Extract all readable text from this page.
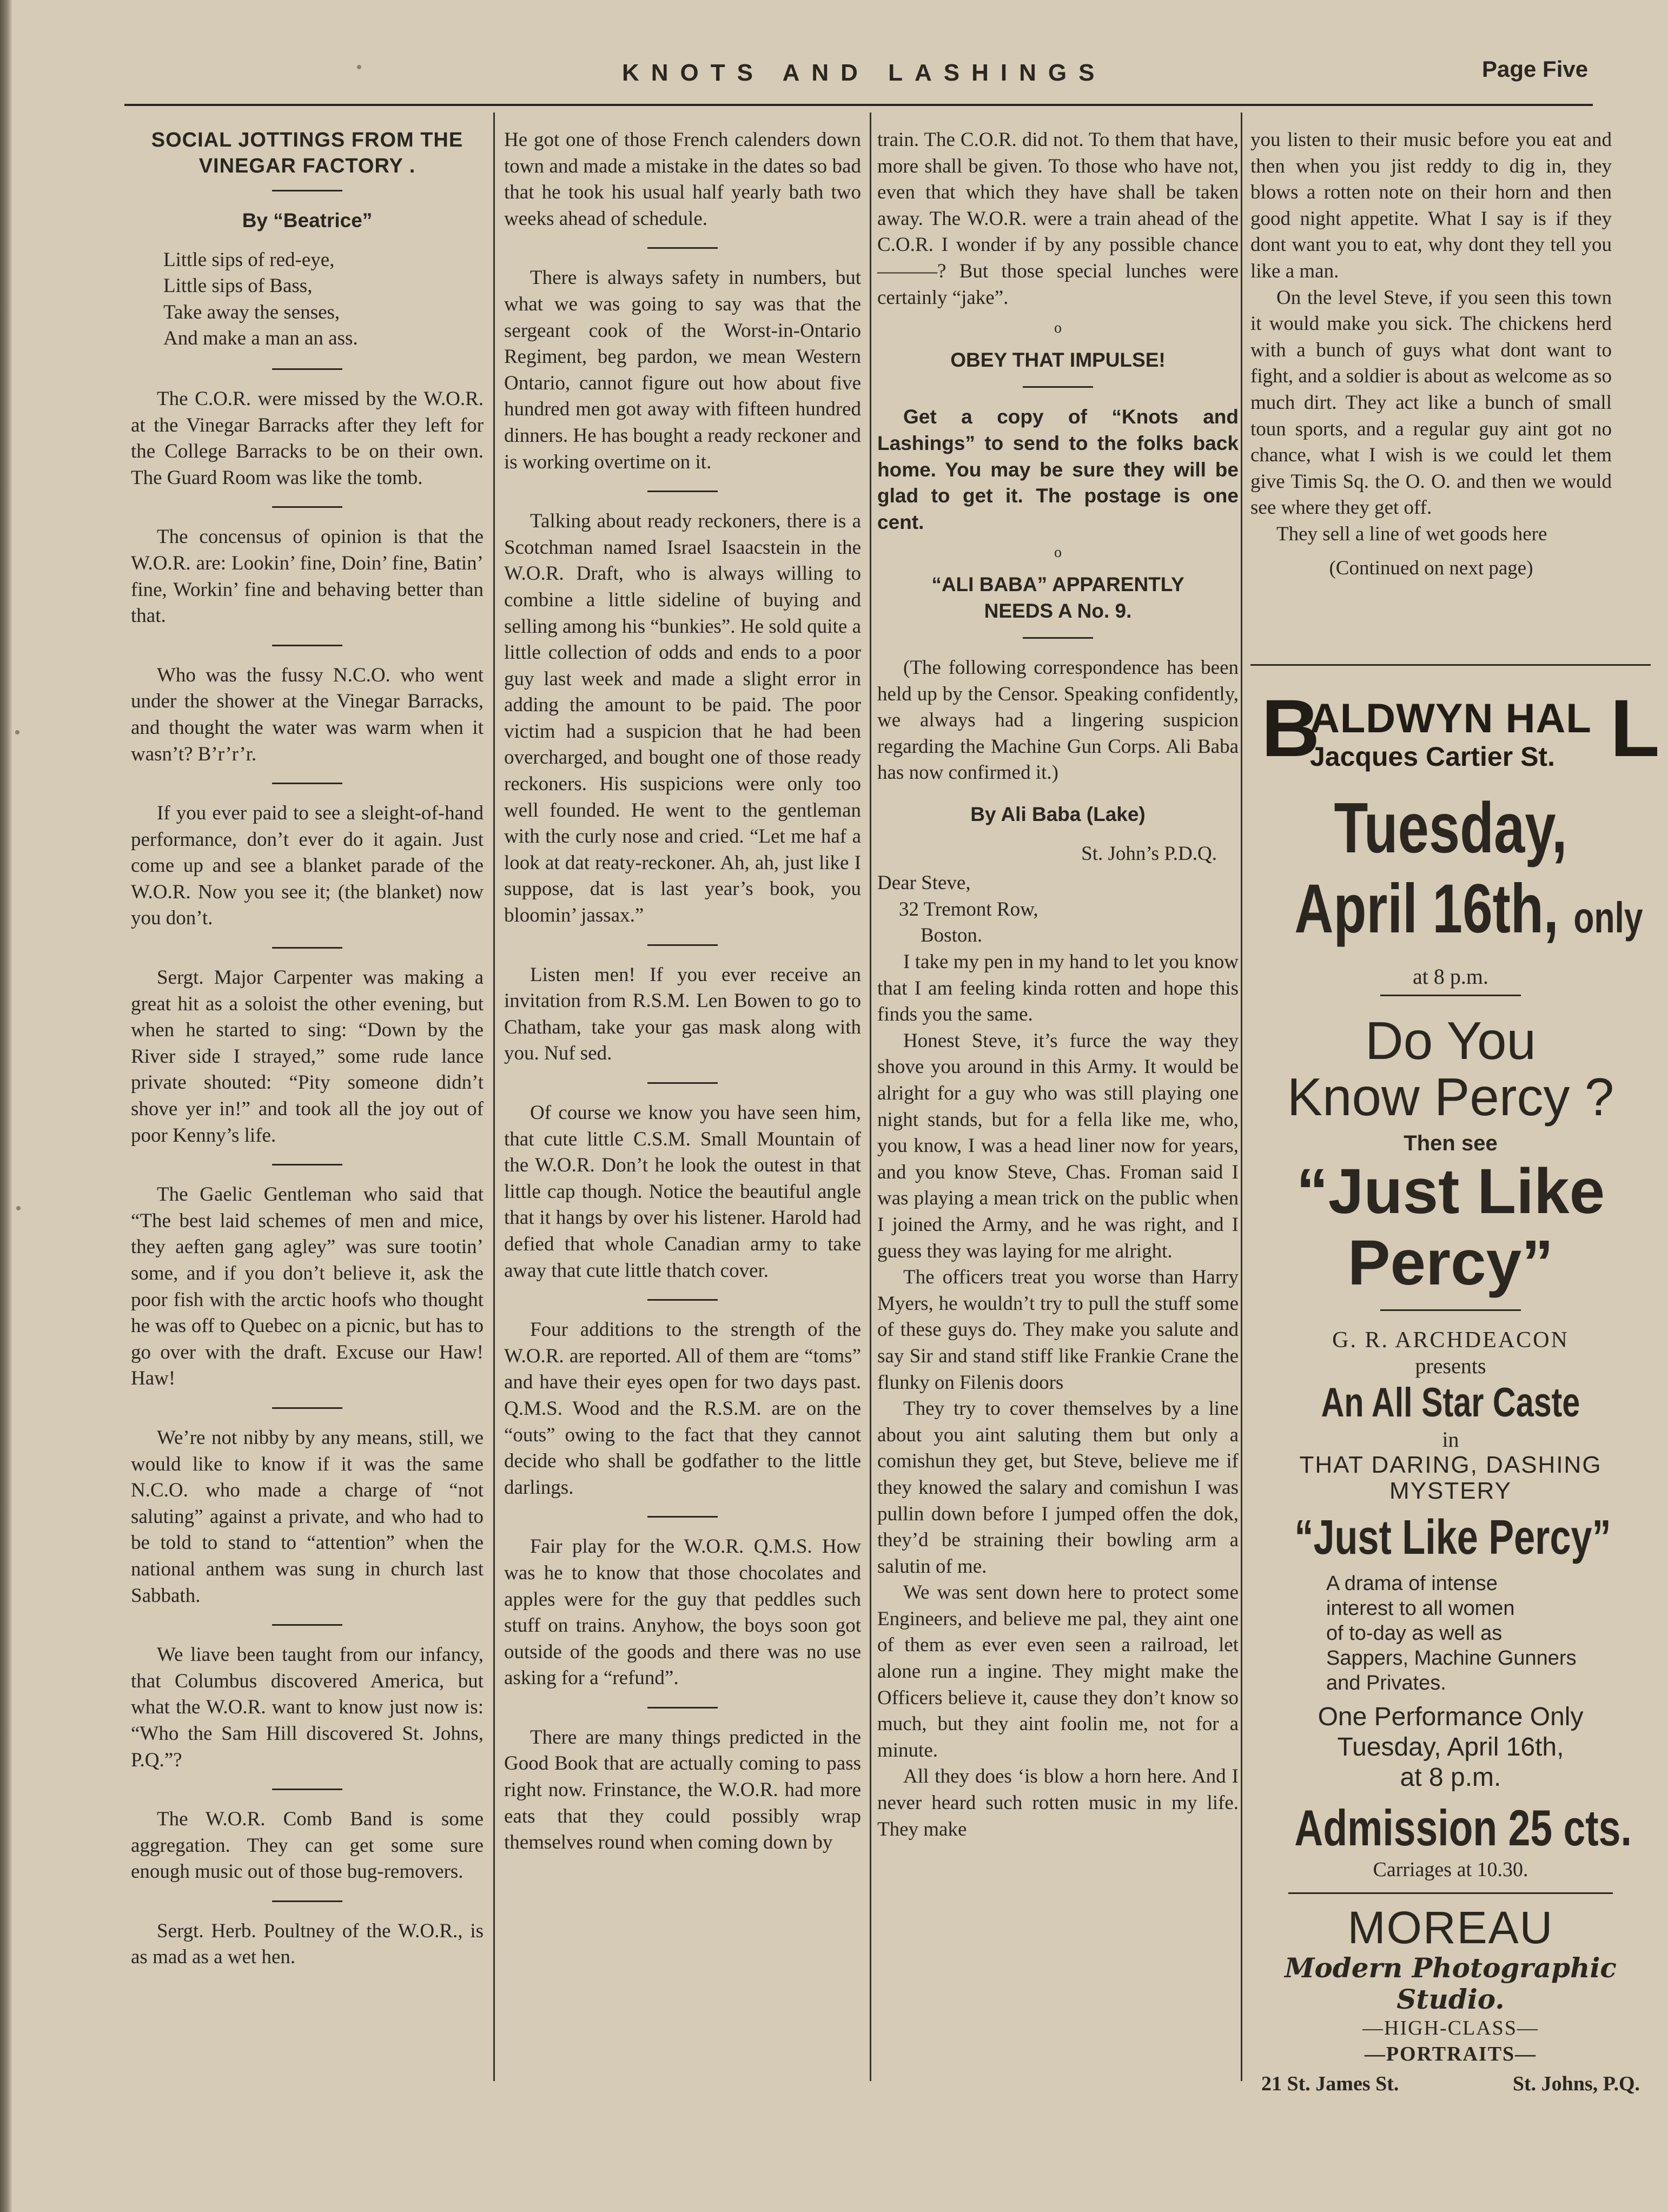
KNOTS AND LASHINGS	Page Five
SOCIAL JOTTINGS FROM THE
VINEGAR FACTORY .
By “Beatrice”
Little sips of red-eye,
Little sips of Bass,
Take away the senses,
And make a man an ass.

The C.O.R. were missed by the W.O.R. at the Vinegar Barracks after they left for the College Barracks to be on their own. The Guard Room was like the tomb.

The concensus of opinion is that the W.O.R. are: Lookin’ fine, Doin’ fine, Batin’ fine, Workin’ fine and behaving better than that.

Who was the fussy N.C.O. who went under the shower at the Vinegar Barracks, and thought the water was warm when it wasn’t? B’r’r’r.

If you ever paid to see a sleight-of-hand performance, don’t ever do it again. Just come up and see a blanket parade of the W.O.R. Now you see it; (the blanket) now you don’t.

Sergt. Major Carpenter was making a great hit as a soloist the other evening, but when he started to sing: “Down by the River side I strayed,” some rude lance private shouted: “Pity someone didn’t shove yer in!” and took all the joy out of poor Kenny’s life.

The Gaelic Gentleman who said that “The best laid schemes of men and mice, they aeften gang agley” was sure tootin’ some, and if you don’t believe it, ask the poor fish with the arctic hoofs who thought he was off to Quebec on a picnic, but has to go over with the draft. Excuse our Haw! Haw!

We’re not nibby by any means, still, we would like to know if it was the same N.C.O. who made a charge of “not saluting” against a private, and who had to be told to stand to “attention” when the national anthem was sung in church last Sabbath.

We liave been taught from our infancy, that Columbus discovered America, but what the W.O.R. want to know just now is: “Who the Sam Hill discovered St. Johns, P.Q.”?

The W.O.R. Comb Band is some aggregation. They can get some sure enough music out of those bug-removers.

Sergt. Herb. Poultney of the W.O.R., is as mad as a wet hen.

He got one of those French calenders down town and made a mistake in the dates so bad that he took his usual half yearly bath two weeks ahead of schedule.

There is always safety in numbers, but what we was going to say was that the sergeant cook of the Worst-in-Ontario Regiment, beg pardon, we mean Western Ontario, cannot figure out how about five hundred men got away with fifteen hundred dinners. He has bought a ready reckoner and is working overtime on it.

Talking about ready reckoners, there is a Scotchman named Israel Isaacstein in the W.O.R. Draft, who is always willing to combine a little sideline of buying and selling among his “bunkies”. He sold quite a little collection of odds and ends to a poor guy last week and made a slight error in adding the amount to be paid. The poor victim had a suspicion that he had been overcharged, and bought one of those ready reckoners. His suspicions were only too well founded. He went to the gentleman with the curly nose and cried. “Let me haf a look at dat reaty-reckoner. Ah, ah, just like I suppose, dat is last year’s book, you bloomin’ jassax.”

Listen men! If you ever receive an invitation from R.S.M. Len Bowen to go to Chatham, take your gas mask along with you. Nuf sed.

Of course we know you have seen him, that cute little C.S.M. Small Mountain of the W.O.R. Don’t he look the outest in that little cap though. Notice the beautiful angle that it hangs by over his listener. Harold had defied that whole Canadian army to take away that cute little thatch cover.

Four additions to the strength of the W.O.R. are reported. All of them are “toms” and have their eyes open for two days past. Q.M.S. Wood and the R.S.M. are on the “outs” owing to the fact that they cannot decide who shall be godfather to the little darlings.

Fair play for the W.O.R. Q.M.S. How was he to know that those chocolates and apples were for the guy that peddles such stuff on trains. Anyhow, the boys soon got outside of the goods and there was no use asking for a “refund”.

There are many things predicted in the Good Book that are actually coming to pass right now. Frinstance, the W.O.R. had more eats that they could possibly wrap themselves round when coming down by

train. The C.O.R. did not. To them that have, more shall be given. To those who have not, even that which they have shall be taken away. The W.O.R. were a train ahead of the C.O.R. I wonder if by any possible chance ———? But those special lunches were certainly “jake”.

o
OBEY THAT IMPULSE!

Get a copy of “Knots and Lashings” to send to the folks back home. You may be sure they will be glad to get it. The postage is one cent.

o
“ALI BABA” APPARENTLY
NEEDS A No. 9.

(The following correspondence has been held up by the Censor. Speaking confidently, we always had a lingering suspicion regarding the Machine Gun Corps. Ali Baba has now confirmed it.)

By Ali Baba (Lake)

St. John’s P.D.Q.

Dear Steve,

32 Tremont Row,

Boston.

I take my pen in my hand to let you know that I am feeling kinda rotten and hope this finds you the same.

Honest Steve, it’s furce the way they shove you around in this Army. It would be alright for a guy who was still playing one night stands, but for a fella like me, who, you know, I was a head liner now for years, and you know Steve, Chas. Froman said I was playing a mean trick on the public when I joined the Army, and he was right, and I guess they was laying for me alright.

The officers treat you worse than Harry Myers, he wouldn’t try to pull the stuff some of these guys do. They make you salute and say Sir and stand stiff like Frankie Crane the flunky on Filenis doors

They try to cover themselves by a line about you aint saluting them but only a comishun they get, but Steve, believe me if they knowed the salary and comishun I was pullin down before I jumped offen the dok, they’d be straining their bowling arm a salutin of me.

We was sent down here to protect some Engineers, and believe me pal, they aint one of them as ever even seen a railroad, let alone run a ingine. They might make the Officers believe it, cause they don’t know so much, but they aint foolin me, not for a minute.

All they does ‘is blow a horn here. And I never heard such rotten music in my life. They make

you listen to their music before you eat and then when you jist reddy to dig in, they blows a rotten note on their horn and then good night appetite. What I say is if they dont want you to eat, why dont they tell you like a man.

On the level Steve, if you seen this town it would make you sick. The chickens herd with a bunch of guys what dont want to fight, and a soldier is about as welcome as so much dirt. They act like a bunch of small toun sports, and a regular guy aint got no chance, what I wish is we could let them give Timis Sq. the O. O. and then we would see where they get off.

They sell a line of wet goods here

(Continued on next page)

B
ALDWYN HAL L
Jacques Cartier St.
Tuesday,
April 16th, only
at 8 p.m.
Do You
Know Percy ?
Then see
“Just Like
Percy”
G. R. ARCHDEACON
presents
An All Star Caste
in
THAT DARING, DASHING
MYSTERY
“Just Like Percy”
A drama of intense
interest to all women
of to-day as well as
Sappers, Machine Gunners
and Privates.
One Performance Only
Tuesday, April 16th,
at 8 p.m.
Admission 25 cts.
Carriages at 10.30.
MOREAU
Modern Photographic Studio.
—HIGH-CLASS—
—PORTRAITS—
21 St. James St.	St. Johns, P.Q.
